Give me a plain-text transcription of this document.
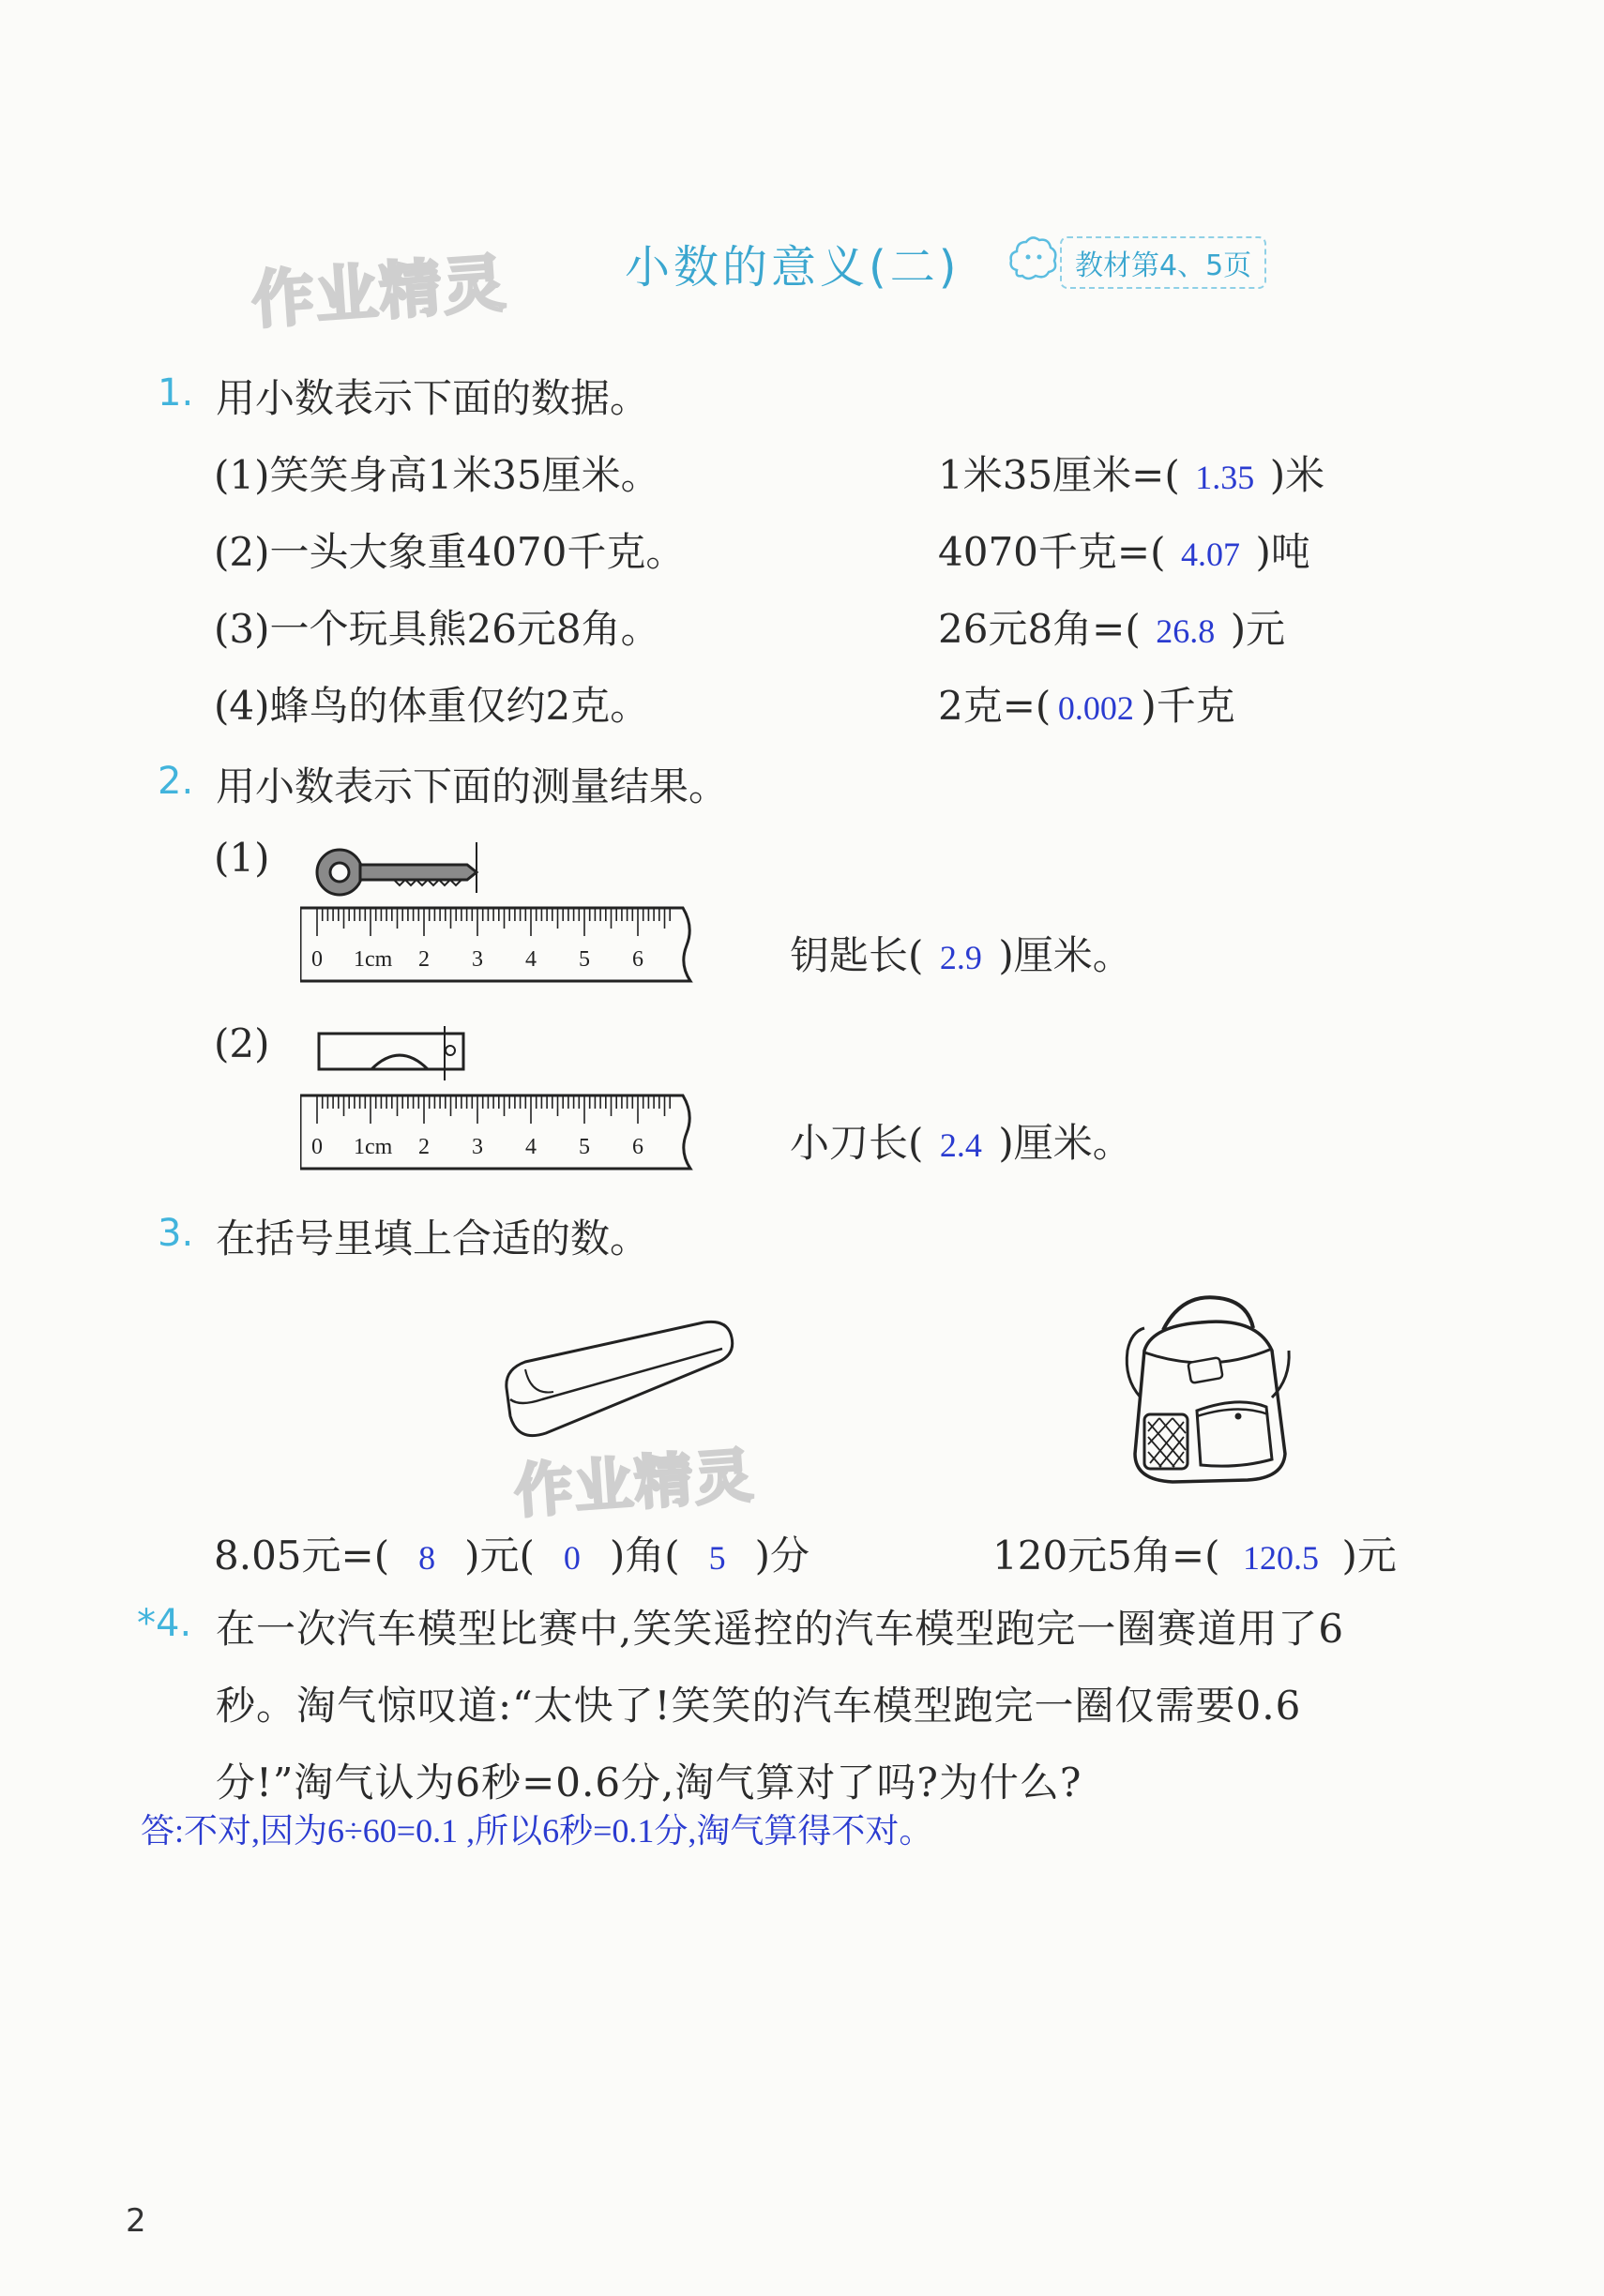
作业精灵
作业精灵
小数的意义(二)	教材第4、5页
1. 用小数表示下面的数据。
(1)笑笑身高1米35厘米。	1米35厘米=( 1.35 )米
(2)一头大象重4070千克。	4070千克=( 4.07 )吨
(3)一个玩具熊26元8角。	26元8角=( 26.8 )元
(4)蜂鸟的体重仅约2克。	2克=( 0.002 )千克
2. 用小数表示下面的测量结果。
(1)
0 1cm 2 3 4 5 6	钥匙长( 2.9 )厘米。
(2)
0 1cm 2 3 4 5 6	小刀长( 2.4 )厘米。
3. 在括号里填上合适的数。
8.05元=( 8 )元( 0 )角( 5 )分	120元5角=( 120.5 )元
*4. 在一次汽车模型比赛中,笑笑遥控的汽车模型跑完一圈赛道用了6
秒。淘气惊叹道:“太快了!笑笑的汽车模型跑完一圈仅需要0.6
分!”淘气认为6秒=0.6分,淘气算对了吗?为什么?
答:不对,因为6÷60=0.1 ,所以6秒=0.1分,淘气算得不对。
2
